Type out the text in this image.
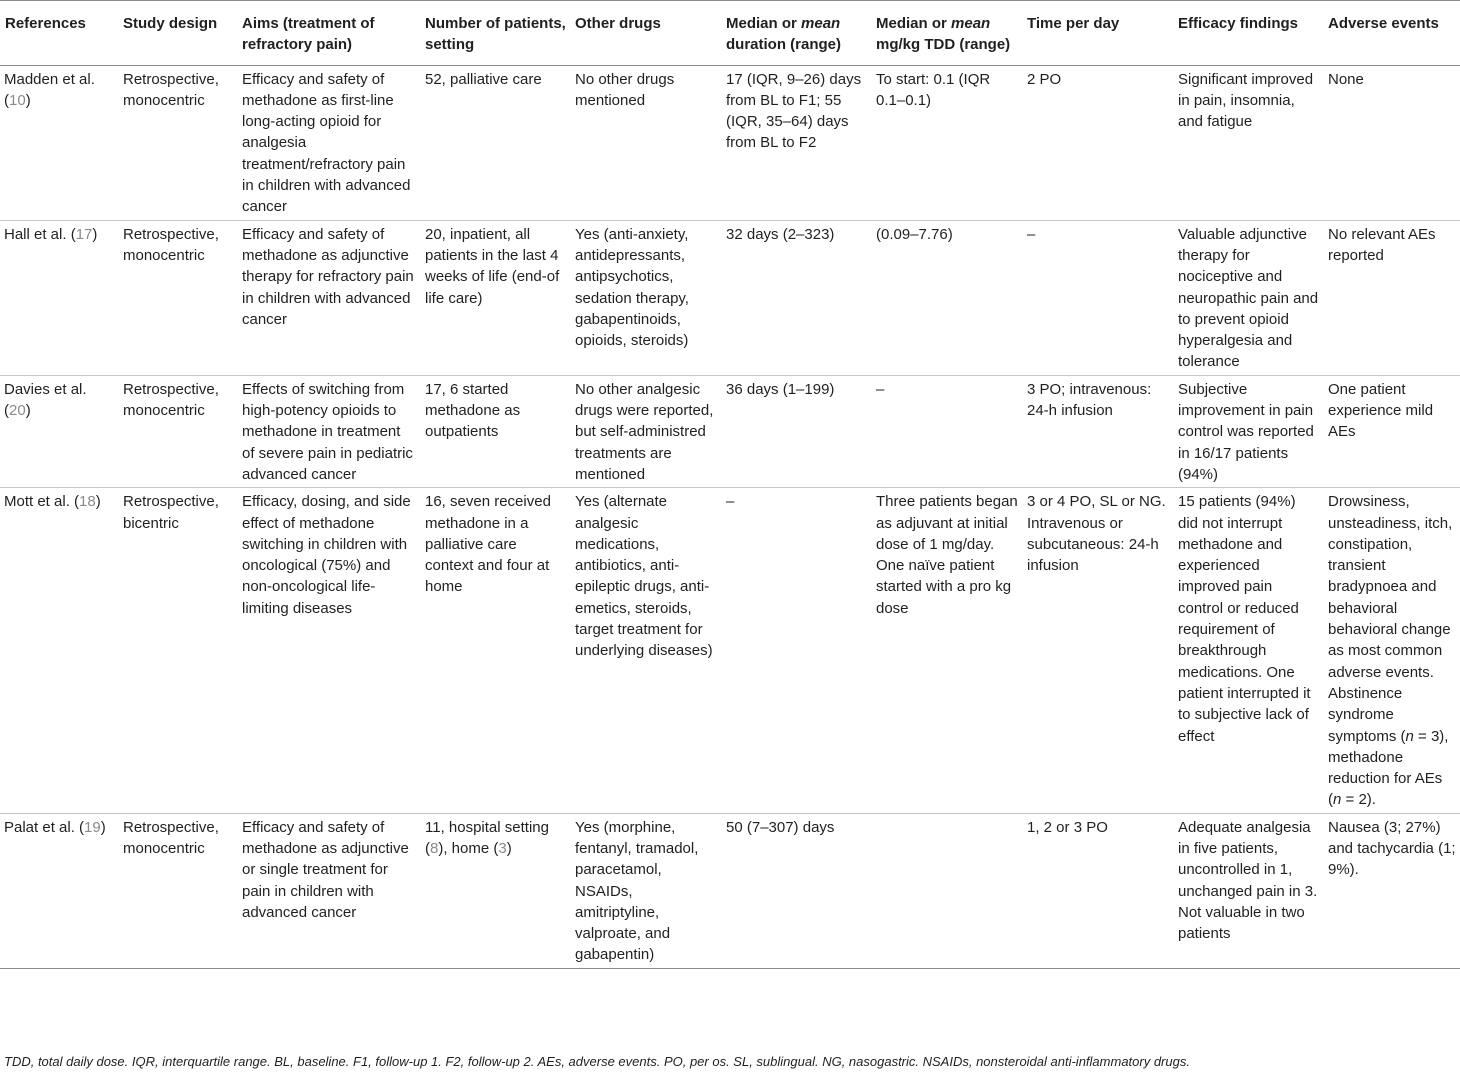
References	Study design	Aims (treatment of refractory pain)	Number of patients, setting	Other drugs	Median or mean duration (range)	Median or mean mg/kg TDD (range)	Time per day	Efficacy findings	Adverse events
Madden et al. (10)	Retrospective, monocentric	Efficacy and safety of methadone as first-line long-acting opioid for analgesia treatment/refractory pain in children with advanced cancer	52, palliative care	No other drugs mentioned	17 (IQR, 9–26) days from BL to F1; 55 (IQR, 35–64) days from BL to F2	To start: 0.1 (IQR 0.1–0.1)	2 PO	Significant improved in pain, insomnia, and fatigue	None
Hall et al. (17)	Retrospective, monocentric	Efficacy and safety of methadone as adjunctive therapy for refractory pain in children with advanced cancer	20, inpatient, all patients in the last 4 weeks of life (end-of life care)	Yes (anti-anxiety, antidepressants, antipsychotics, sedation therapy, gabapentinoids, opioids, steroids)	32 days (2–323)	(0.09–7.76)	–	Valuable adjunctive therapy for nociceptive and neuropathic pain and to prevent opioid hyperalgesia and tolerance	No relevant AEs reported
Davies et al. (20)	Retrospective, monocentric	Effects of switching from high-potency opioids to methadone in treatment of severe pain in pediatric advanced cancer	17, 6 started methadone as outpatients	No other analgesic drugs were reported, but self-administred treatments are mentioned	36 days (1–199)	–	3 PO; intravenous: 24-h infusion	Subjective improvement in pain control was reported in 16/17 patients (94%)	One patient experience mild AEs
Mott et al. (18)	Retrospective, bicentric	Efficacy, dosing, and side effect of methadone switching in children with oncological (75%) and non-oncological life-limiting diseases	16, seven received methadone in a palliative care context and four at home	Yes (alternate analgesic medications, antibiotics, anti-epileptic drugs, anti-emetics, steroids, target treatment for underlying diseases)	–	Three patients began as adjuvant at initial dose of 1 mg/day. One naïve patient started with a pro kg dose	3 or 4 PO, SL or NG. Intravenous or subcutaneous: 24-h infusion	15 patients (94%) did not interrupt methadone and experienced improved pain control or reduced requirement of breakthrough medications. One patient interrupted it to subjective lack of effect	Drowsiness, unsteadiness, itch, constipation, transient bradypnoea and behavioral behavioral change as most common adverse events. Abstinence syndrome symptoms (n = 3), methadone reduction for AEs (n = 2).
Palat et al. (19)	Retrospective, monocentric	Efficacy and safety of methadone as adjunctive or single treatment for pain in children with advanced cancer	11, hospital setting (8), home (3)	Yes (morphine, fentanyl, tramadol, paracetamol, NSAIDs, amitriptyline, valproate, and gabapentin)	50 (7–307) days		1, 2 or 3 PO	Adequate analgesia in five patients, uncontrolled in 1, unchanged pain in 3. Not valuable in two patients	Nausea (3; 27%) and tachycardia (1; 9%).
TDD, total daily dose. IQR, interquartile range. BL, baseline. F1, follow-up 1. F2, follow-up 2. AEs, adverse events. PO, per os. SL, sublingual. NG, nasogastric. NSAIDs, nonsteroidal anti-inflammatory drugs.
